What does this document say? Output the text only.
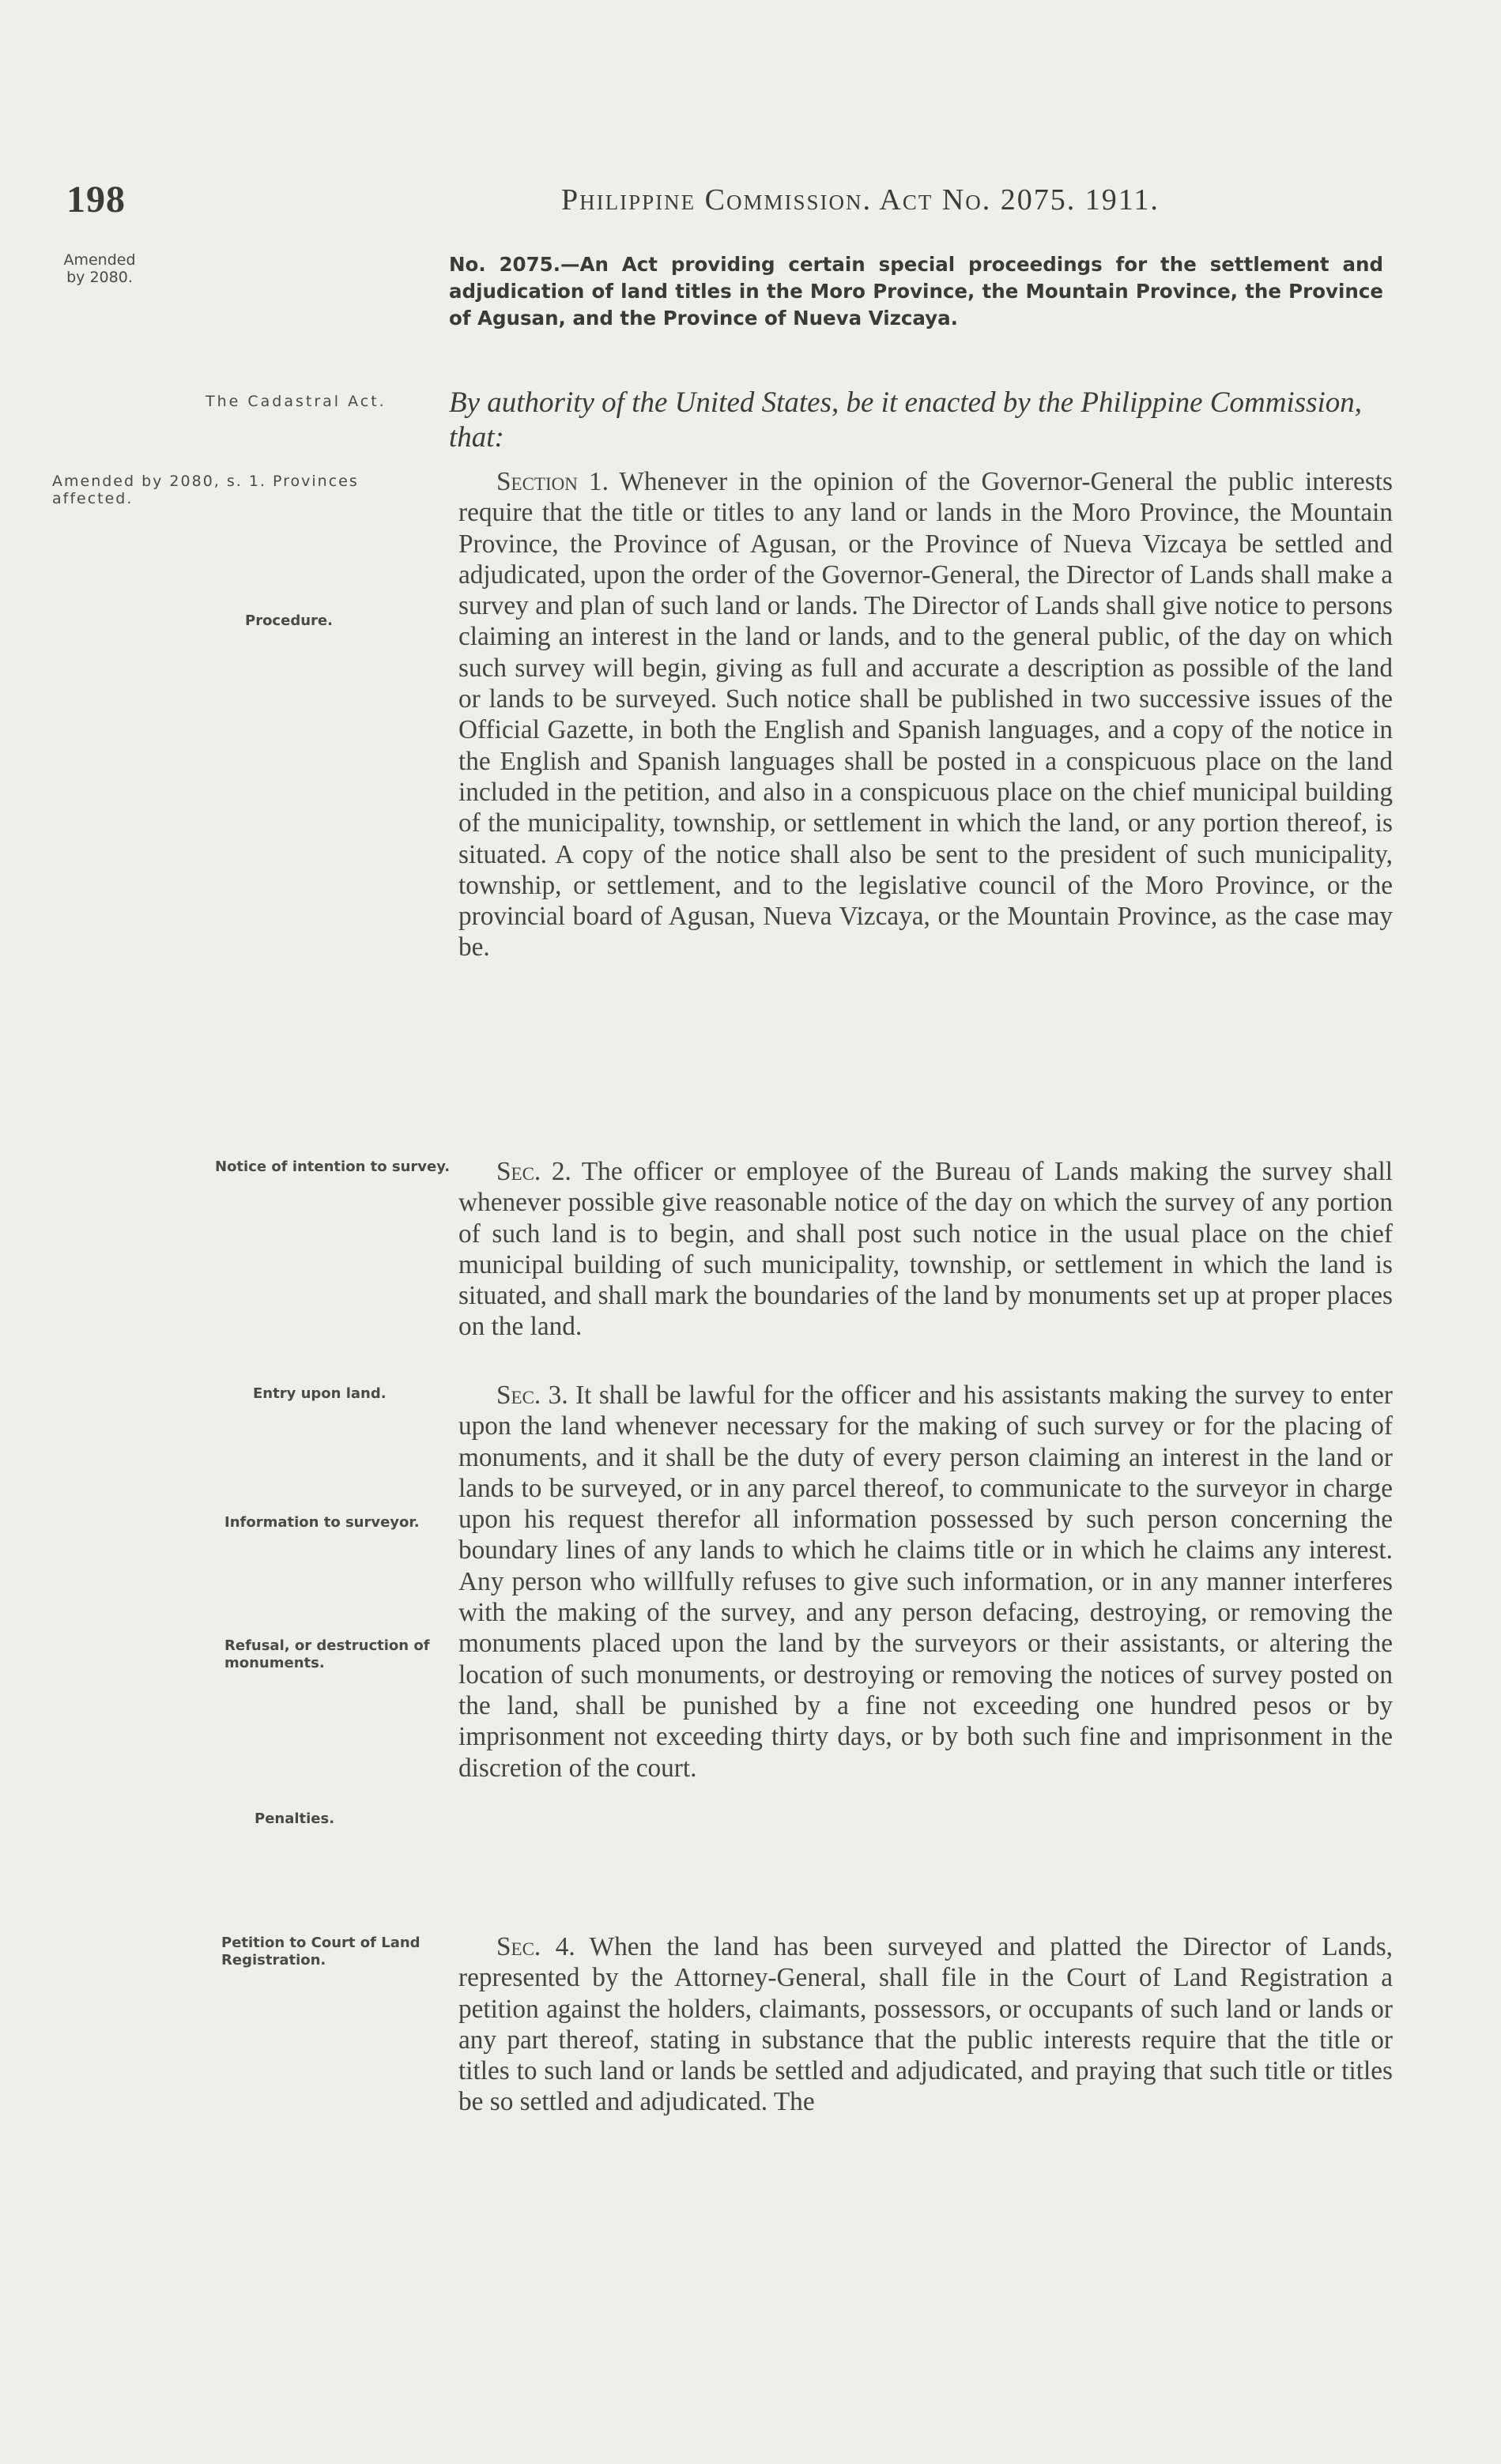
198	Philippine Commission. Act No. 2075. 1911.
Amended by 2080.
The Cadastral Act.
Amended by 2080, s. 1. Provinces affected.
Procedure.
Notice of intention to survey.
Entry upon land.
Information to surveyor.
Refusal, or destruction of monuments.
Penalties.
Petition to Court of Land Registration.
No. 2075.—An Act providing certain special proceedings for the settlement and adjudication of land titles in the Moro Province, the Mountain Province, the Province of Agusan, and the Province of Nueva Vizcaya.
By authority of the United States, be it enacted by the Philippine Commission, that:

Section 1. Whenever in the opinion of the Governor-General the public interests require that the title or titles to any land or lands in the Moro Province, the Mountain Province, the Province of Agusan, or the Province of Nueva Vizcaya be settled and adjudicated, upon the order of the Governor-General, the Director of Lands shall make a survey and plan of such land or lands. The Director of Lands shall give notice to persons claiming an interest in the land or lands, and to the general public, of the day on which such survey will begin, giving as full and accurate a description as possible of the land or lands to be surveyed. Such notice shall be published in two successive issues of the Official Gazette, in both the English and Spanish languages, and a copy of the notice in the English and Spanish languages shall be posted in a conspicuous place on the land included in the petition, and also in a conspicuous place on the chief municipal building of the municipality, township, or settlement in which the land, or any portion thereof, is situated. A copy of the notice shall also be sent to the president of such municipality, township, or settlement, and to the legislative council of the Moro Province, or the provincial board of Agusan, Nueva Vizcaya, or the Mountain Province, as the case may be.

Sec. 2. The officer or employee of the Bureau of Lands making the survey shall whenever possible give reasonable notice of the day on which the survey of any portion of such land is to begin, and shall post such notice in the usual place on the chief municipal building of such municipality, township, or settlement in which the land is situated, and shall mark the boundaries of the land by monuments set up at proper places on the land.

Sec. 3. It shall be lawful for the officer and his assistants making the survey to enter upon the land whenever necessary for the making of such survey or for the placing of monuments, and it shall be the duty of every person claiming an interest in the land or lands to be surveyed, or in any parcel thereof, to communicate to the surveyor in charge upon his request therefor all information possessed by such person concerning the boundary lines of any lands to which he claims title or in which he claims any interest. Any person who willfully refuses to give such information, or in any manner interferes with the making of the survey, and any person defacing, destroying, or removing the monuments placed upon the land by the surveyors or their assistants, or altering the location of such monuments, or destroying or removing the notices of survey posted on the land, shall be punished by a fine not exceeding one hundred pesos or by imprisonment not exceeding thirty days, or by both such fine and imprisonment in the discretion of the court.

Sec. 4. When the land has been surveyed and platted the Director of Lands, represented by the Attorney-General, shall file in the Court of Land Registration a petition against the holders, claimants, possessors, or occupants of such land or lands or any part thereof, stating in substance that the public interests require that the title or titles to such land or lands be settled and adjudicated, and praying that such title or titles be so settled and adjudicated. The
